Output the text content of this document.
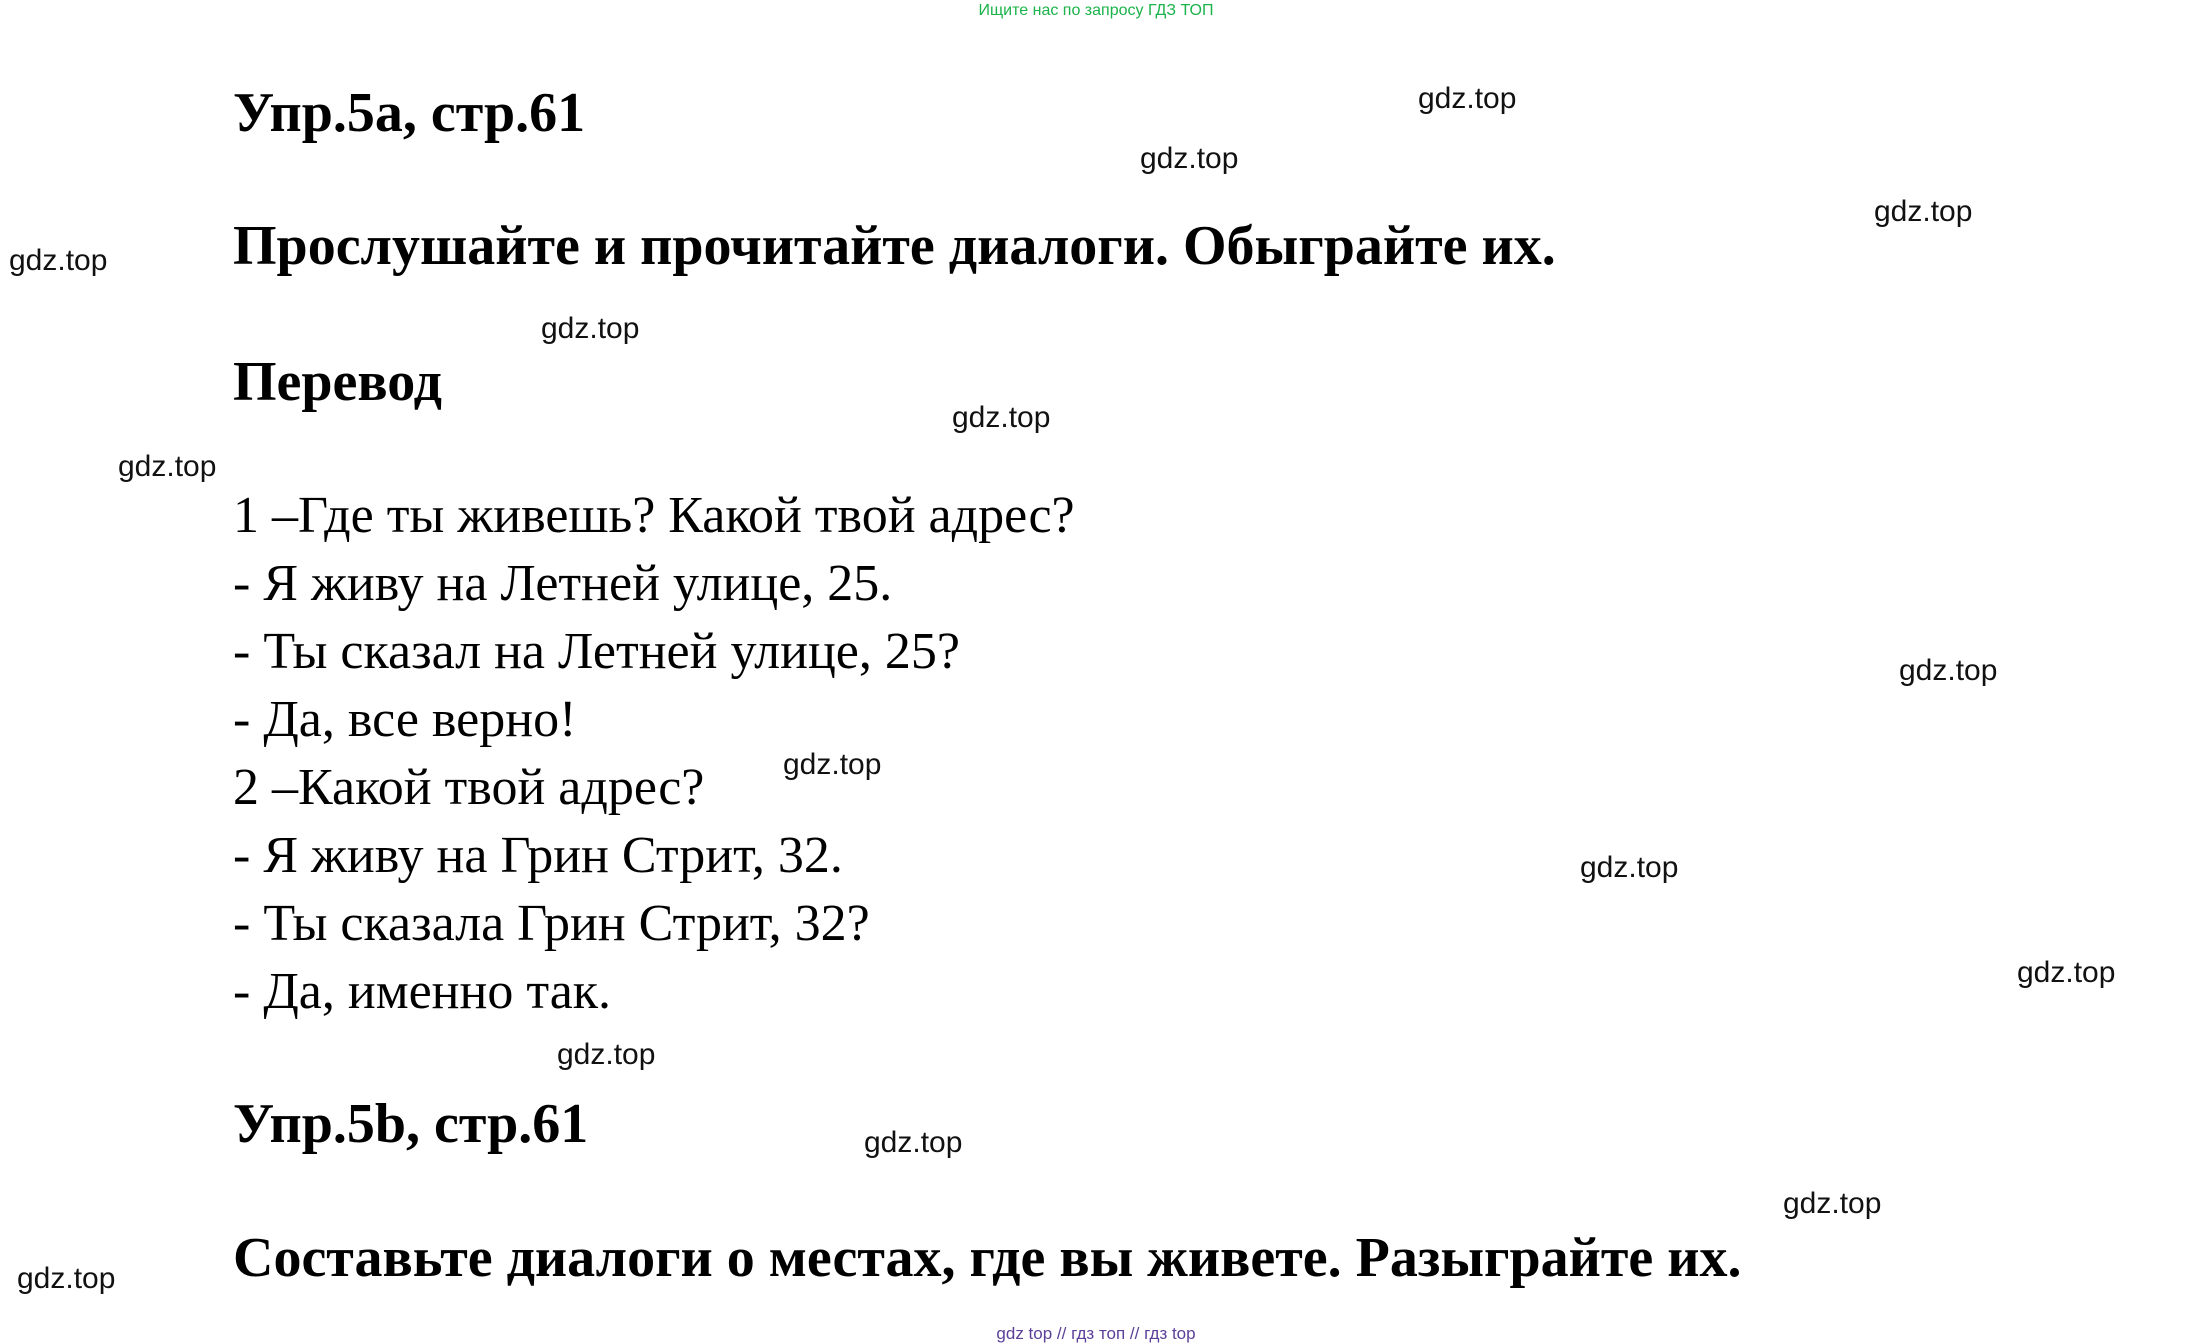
Ищите нас по запросу ГДЗ ТОП
Упр.5а, стр.61
Прослушайте и прочитайте диалоги. Обыграйте их.
Перевод
1 –Где ты живешь? Какой твой адрес?
- Я живу на Летней улице, 25.
- Ты сказал на Летней улице, 25?
- Да, все верно!
2 –Какой твой адрес?
- Я живу на Грин Стрит, 32.
- Ты сказала Грин Стрит, 32?
- Да, именно так.
Упр.5b, стр.61
Составьте диалоги о местах, где вы живете. Разыграйте их.
gdz.top
gdz.top
gdz.top
gdz.top
gdz.top
gdz.top
gdz.top
gdz.top
gdz.top
gdz.top
gdz.top
gdz.top
gdz.top
gdz.top
gdz.top
gdz top // гдз топ // гдз top
